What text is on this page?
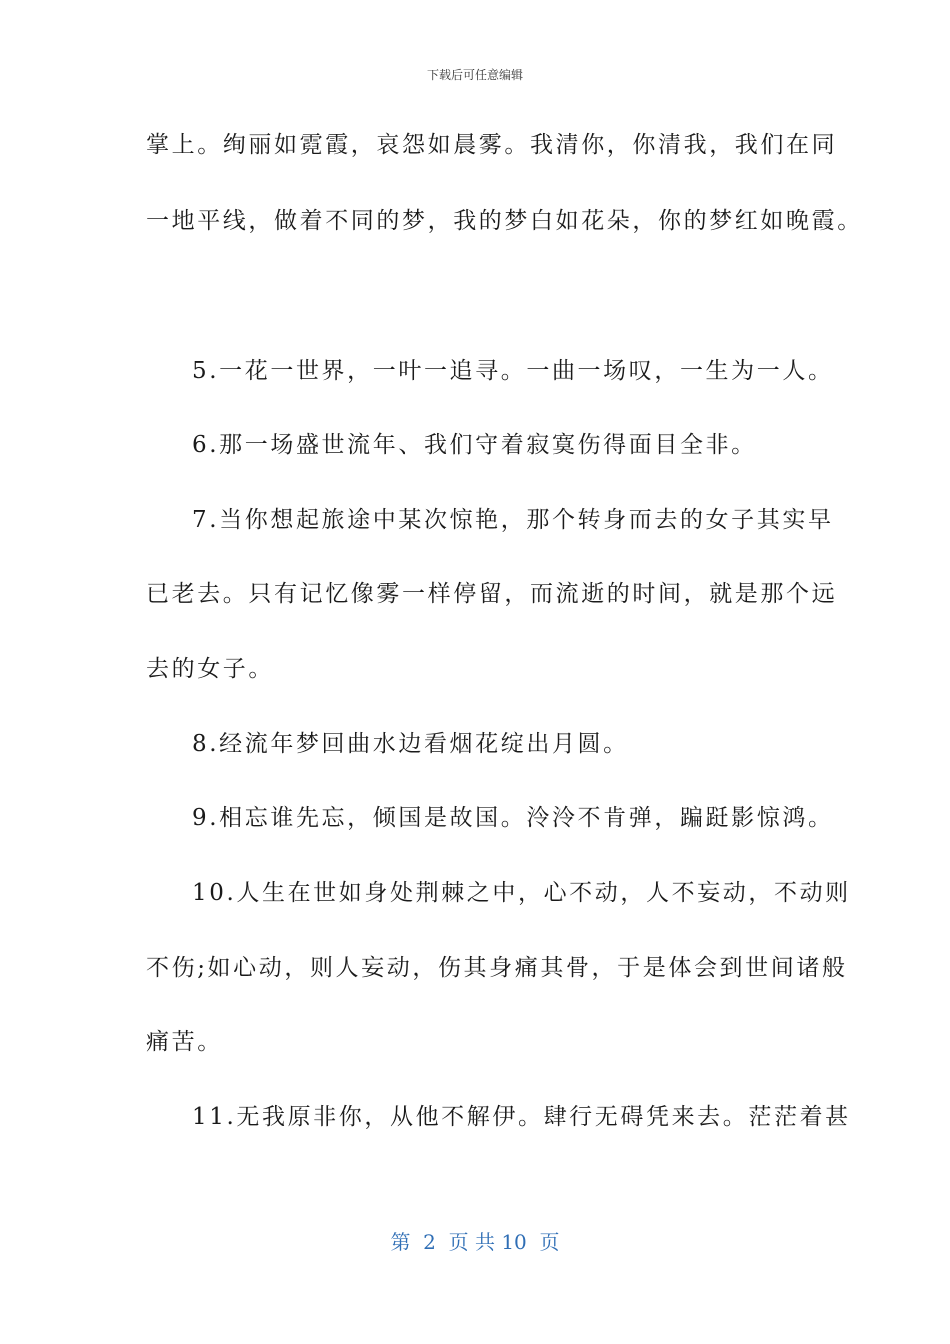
下载后可任意编辑
掌上。绚丽如霓霞，哀怨如晨雾。我清你，你清我，我们在同
一地平线，做着不同的梦，我的梦白如花朵，你的梦红如晚霞。
5.一花一世界，一叶一追寻。一曲一场叹，一生为一人。
6.那一场盛世流年、我们守着寂寞伤得面目全非。
7.当你想起旅途中某次惊艳，那个转身而去的女子其实早
已老去。只有记忆像雾一样停留，而流逝的时间，就是那个远
去的女子。
8.经流年梦回曲水边看烟花绽出月圆。
9.相忘谁先忘，倾国是故国。泠泠不肯弹，蹁跹影惊鸿。
10.人生在世如身处荆棘之中，心不动，人不妄动，不动则
不伤;如心动，则人妄动，伤其身痛其骨，于是体会到世间诸般
痛苦。
11.无我原非你，从他不解伊。肆行无碍凭来去。茫茫着甚
第  2  页 共 10  页
